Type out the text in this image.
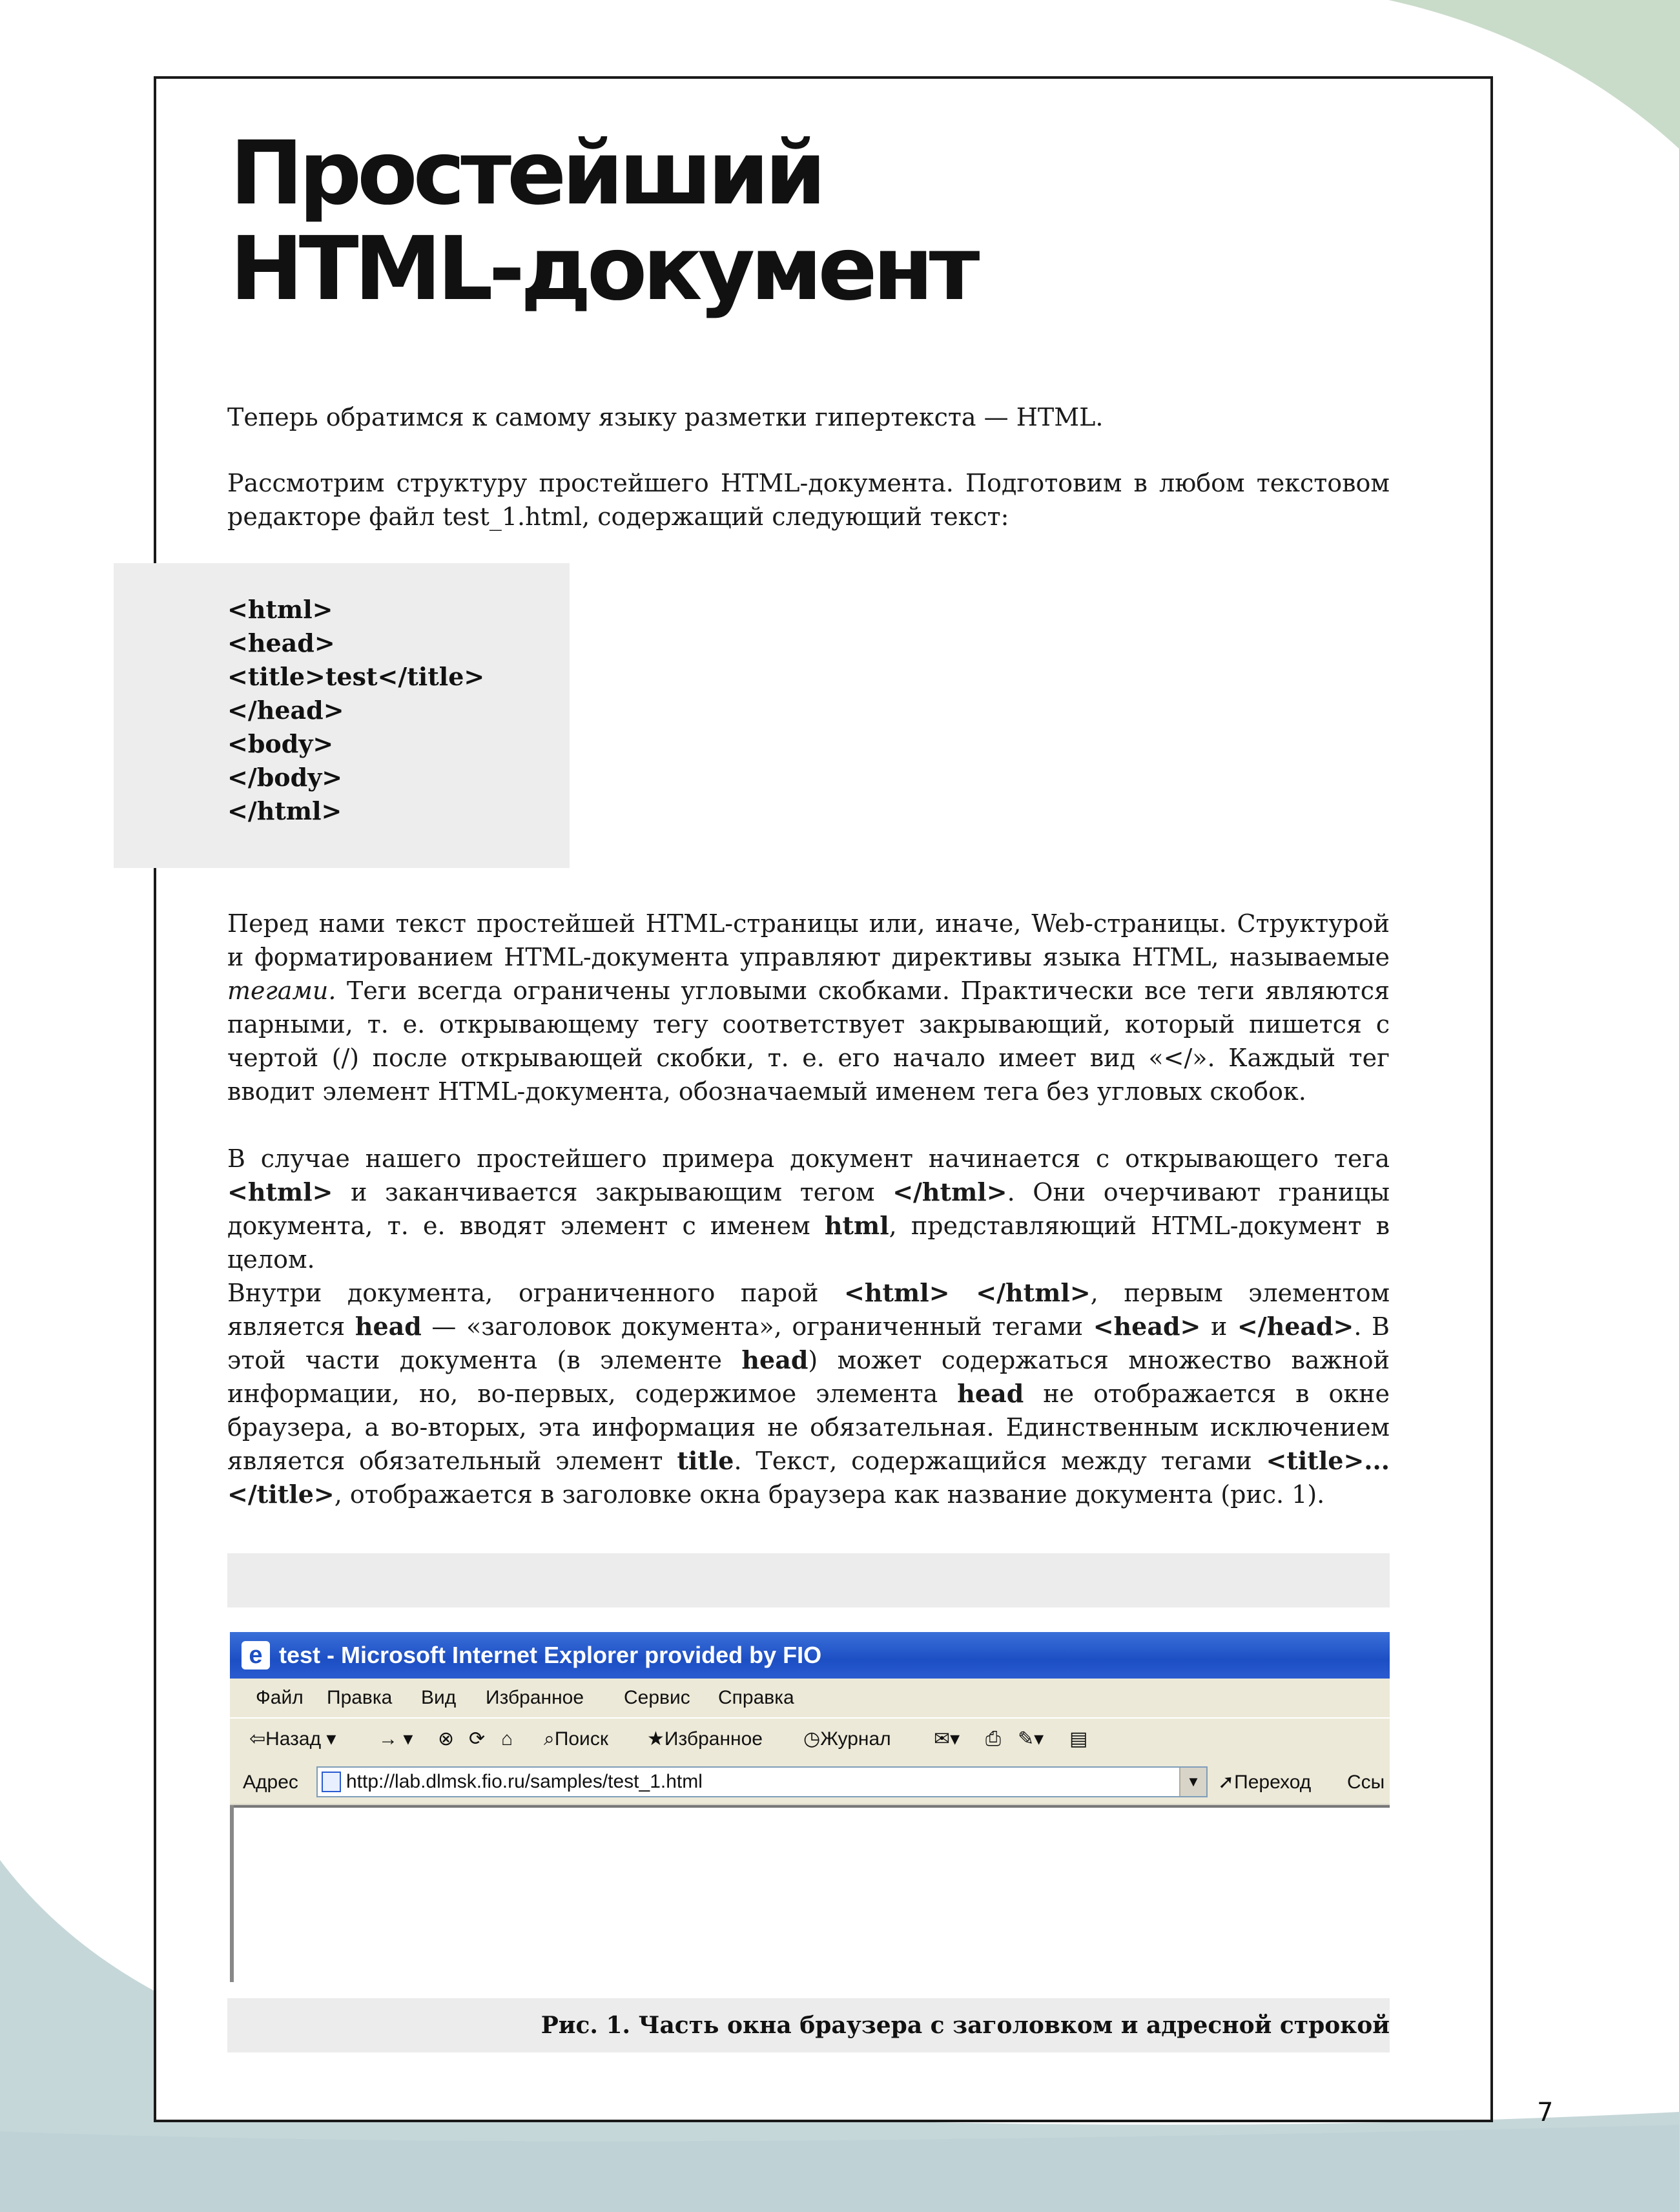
Простейший
HTML-документ

Теперь обратимся к самому языку разметки гипертекста — HTML.

Рассмотрим структуру простейшего HTML-документа. Подготовим в любом текстовом редакторе файл test_1.html, содержащий следующий текст:

<html>
<head>
<title>test</title>
</head>
<body>
</body>
</html>

Перед нами текст простейшей HTML-страницы или, иначе, Web-страницы. Структурой и форматированием HTML-документа управляют директивы языка HTML, называемые тегами. Теги всегда ограничены угловыми скобками. Практически все теги являются парными, т. е. открывающему тегу соответствует закрывающий, который пишется с чертой (/) после открывающей скобки, т. е. его начало имеет вид «</». Каждый тег вводит элемент HTML-документа, обозначаемый именем тега без угловых скобок.

В случае нашего простейшего примера документ начинается с открывающего тега <html> и заканчивается закрывающим тегом </html>. Они очерчивают границы документа, т. е. вводят элемент с именем html, представляющий HTML-документ в целом.

Внутри документа, ограниченного парой <html> </html>, первым элементом является head — «заголовок документа», ограниченный тегами <head> и </head>. В этой части документа (в элементе head) может содержаться множество важной информации, но, во-первых, содержимое элемента head не отображается в окне браузера, а во-вторых, эта информация не обязательная. Единственным исключением является обязательный элемент title. Текст, содержащийся между тегами <title>...</title>, отображается в заголовке окна браузера как название документа (рис. 1).

e test - Microsoft Internet Explorer provided by FIO
Файл Правка Вид Избранное Сервис Справка
⇦Назад ▾ → ▾ ⊗ ⟳ ⌂ ⌕Поиск ★Избранное ◷Журнал ✉▾ ⎙ ✎▾ ▤
Адрес http://lab.dlmsk.fio.ru/samples/test_1.html	▼ ➚Переход Ссы

Рис. 1. Часть окна браузера с заголовком и адресной строкой

7
